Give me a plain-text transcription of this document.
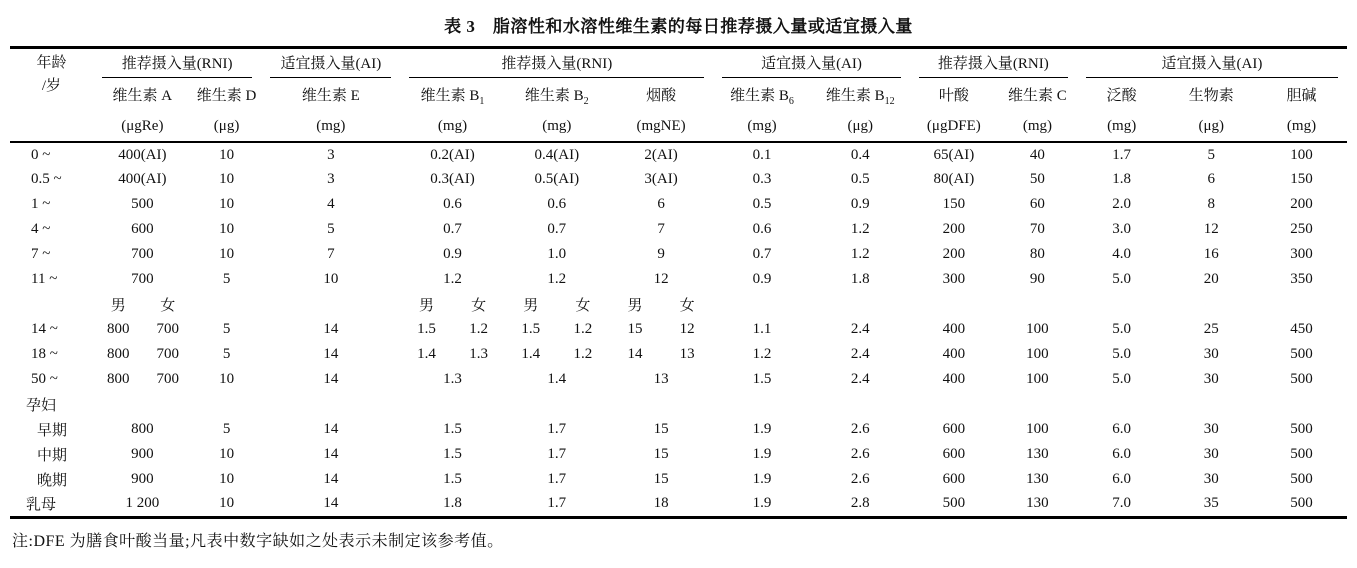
表 3　脂溶性和水溶性维生素的每日推荐摄入量或适宜摄入量
年龄
/岁	推荐摄入量(RNI)			适宜摄入量(AI)	推荐摄入量(RNI)						适宜摄入量(AI)		推荐摄入量(RNI)		适宜摄入量(AI)		

	维生素 A		维生素 D	维生素 E	维生素 $B_1$		维生素 $B_2$		烟酸		维生素 $B_6$	维生素 $B_{12}$	叶酸	维生素 C	泛酸	生物素	胆碱
	(μgRe)		(μg)	(mg)	(mg)		(mg)		(mgNE)		(mg)	(μg)	(μgDFE)	(mg)	(mg)	(μg)	(mg)
0 ~	400(AI)		10	3	0.2(AI)		0.4(AI)		2(AI)		0.1	0.4	65(AI)	40	1.7	5	100
0.5 ~	400(AI)		10	3	0.3(AI)		0.5(AI)		3(AI)		0.3	0.5	80(AI)	50	1.8	6	150
1 ~	500		10	4	0.6		0.6		6		0.5	0.9	150	60	2.0	8	200
4 ~	600		10	5	0.7		0.7		7		0.6	1.2	200	70	3.0	12	250
7 ~	700		10	7	0.9		1.0		9		0.7	1.2	200	80	4.0	16	300
11 ~	700		5	10	1.2		1.2		12		0.9	1.8	300	90	5.0	20	350
	男	女			男	女	男	女	男	女							
14 ~	800	700	5	14	1.5	1.2	1.5	1.2	15	12	1.1	2.4	400	100	5.0	25	450
18 ~	800	700	5	14	1.4	1.3	1.4	1.2	14	13	1.2	2.4	400	100	5.0	30	500
50 ~	800	700	10	14	1.3		1.4		13		1.5	2.4	400	100	5.0	30	500
孕妇																	
早期	800		5	14	1.5		1.7		15		1.9	2.6	600	100	6.0	30	500
中期	900		10	14	1.5		1.7		15		1.9	2.6	600	130	6.0	30	500
晚期	900		10	14	1.5		1.7		15		1.9	2.6	600	130	6.0	30	500
乳母	1 200		10	14	1.8		1.7		18		1.9	2.8	500	130	7.0	35	500
注:DFE 为膳食叶酸当量;凡表中数字缺如之处表示未制定该参考值。
